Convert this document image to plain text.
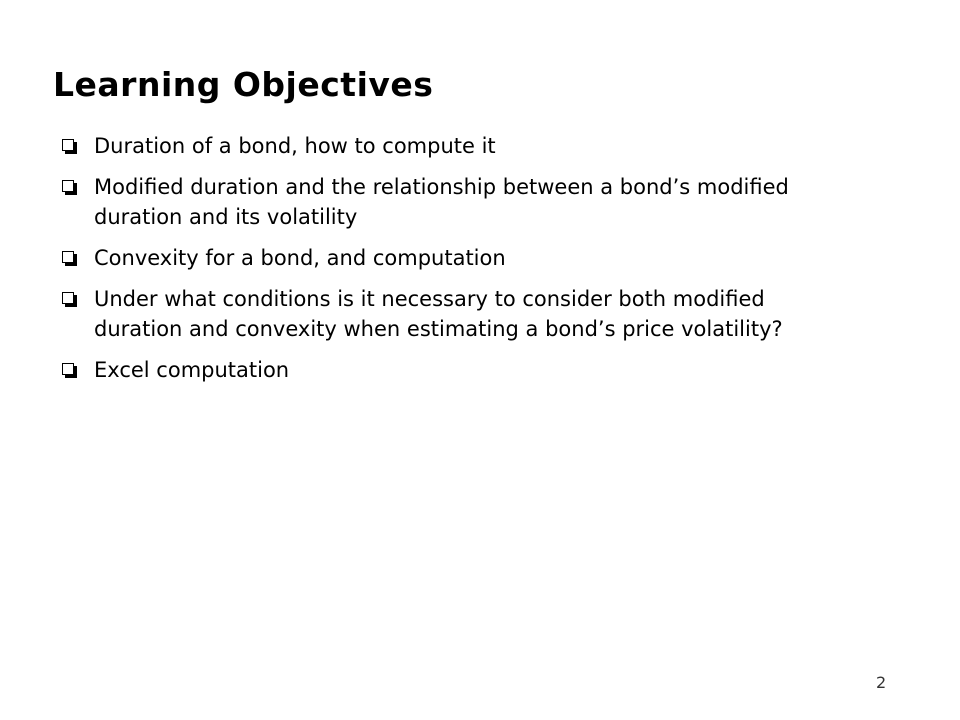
Learning Objectives
Duration of a bond, how to compute it
Modified duration and the relationship between a bond’s modified
duration and its volatility
Convexity for a bond, and computation
Under what conditions is it necessary to consider both modified
duration and convexity when estimating a bond’s price volatility?
Excel computation
2
